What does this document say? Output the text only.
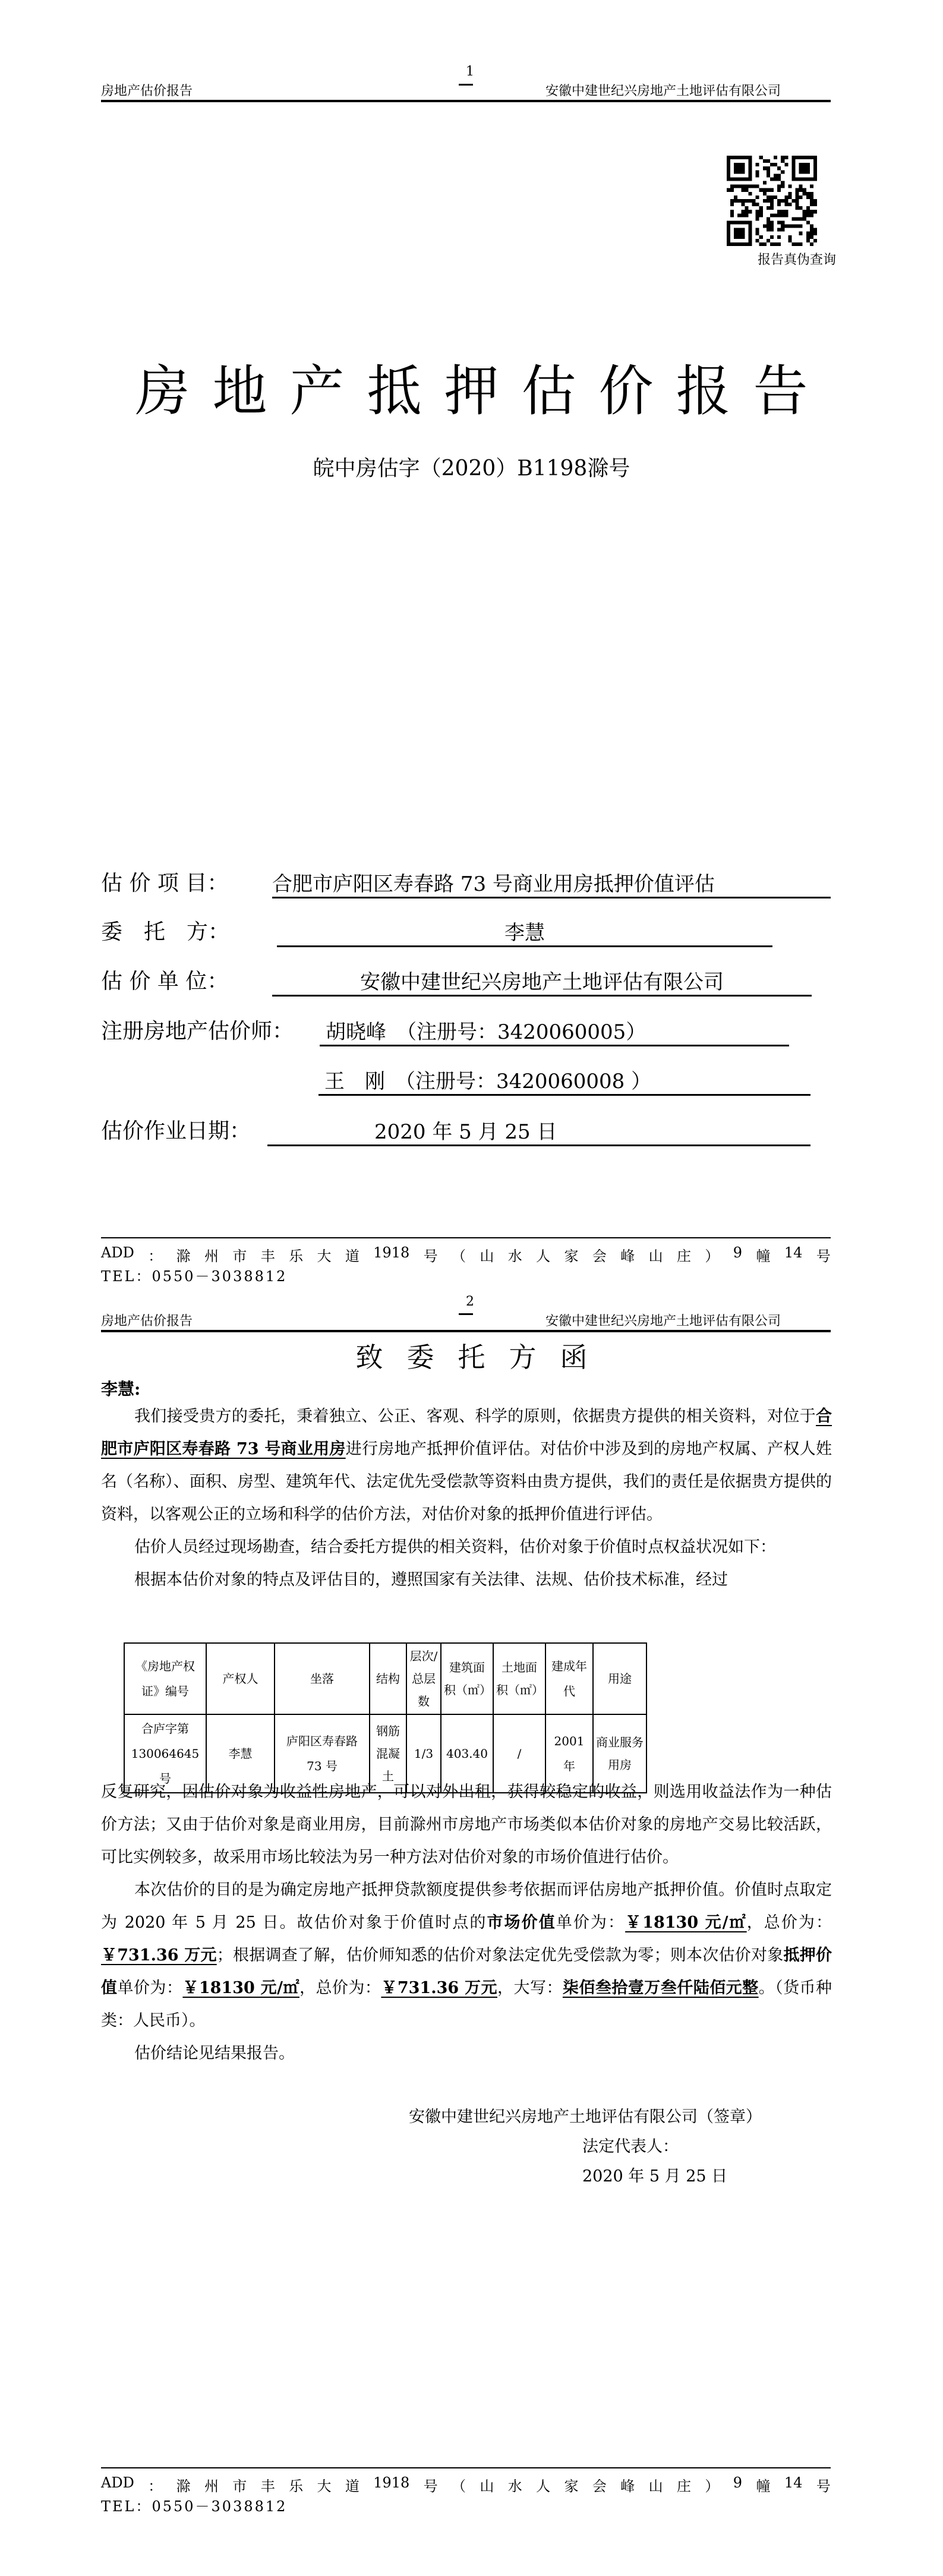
1
房地产估价报告	安徽中建世纪兴房地产土地评估有限公司
报告真伪查询
房地产抵押估价报告
皖中房估字（2020）B1198滁号
估 价 项 目： 合肥市庐阳区寿春路 73 号商业用房抵押价值评估
委　托　方：	李慧
估 价 单 位：	安徽中建世纪兴房地产土地评估有限公司
注册房地产估价师： 胡晓峰　（注册号：3420060005）
王　刚　（注册号：3420060008 ）
估价作业日期：	2020 年 5 月 25 日
ADD ： 滁 州 市 丰 乐 大 道 1918 号 （ 山 水 人 家 会 峰 山 庄 ） 9 幢 14 号
TEL：0550－3038812
2
房地产估价报告	安徽中建世纪兴房地产土地评估有限公司
致委托方函
李慧:

我们接受贵方的委托，秉着独立、公正、客观、科学的原则，依据贵方提供的相关资料，对位于合肥市庐阳区寿春路 73 号商业用房进行房地产抵押价值评估。对估价中涉及到的房地产权属、产权人姓名（名称）、面积、房型、建筑年代、法定优先受偿款等资料由贵方提供，我们的责任是依据贵方提供的资料，以客观公正的立场和科学的估价方法，对估价对象的抵押价值进行评估。

估价人员经过现场勘查，结合委托方提供的相关资料，估价对象于价值时点权益状况如下：

根据本估价对象的特点及评估目的，遵照国家有关法律、法规、估价技术标准，经过

《房地产权证》编号	产权人	坐落	结构	层次/总层数	建筑面积（㎡）	土地面积（㎡）	建成年代	用途
合庐字第 130064645 号	李慧	庐阳区寿春路 73 号	钢筋混凝土	1/3	403.40	/	2001 年	商业服务用房

反复研究，因估价对象为收益性房地产，可以对外出租，获得较稳定的收益，则选用收益法作为一种估价方法；又由于估价对象是商业用房，目前滁州市房地产市场类似本估价对象的房地产交易比较活跃，可比实例较多，故采用市场比较法为另一种方法对估价对象的市场价值进行估价。

本次估价的目的是为确定房地产抵押贷款额度提供参考依据而评估房地产抵押价值。价值时点取定为 2020 年 5 月 25 日。故估价对象于价值时点的市场价值单价为：￥18130 元/㎡，总价为：￥731.36 万元；根据调查了解，估价师知悉的估价对象法定优先受偿款为零；则本次估价对象抵押价值单价为：￥18130 元/㎡，总价为：￥731.36 万元，大写：柒佰叁拾壹万叁仟陆佰元整。（货币种类：人民币）。

估价结论见结果报告。

安徽中建世纪兴房地产土地评估有限公司（签章）
法定代表人：
2020 年 5 月 25 日
ADD ： 滁 州 市 丰 乐 大 道 1918 号 （ 山 水 人 家 会 峰 山 庄 ） 9 幢 14 号
TEL：0550－3038812
